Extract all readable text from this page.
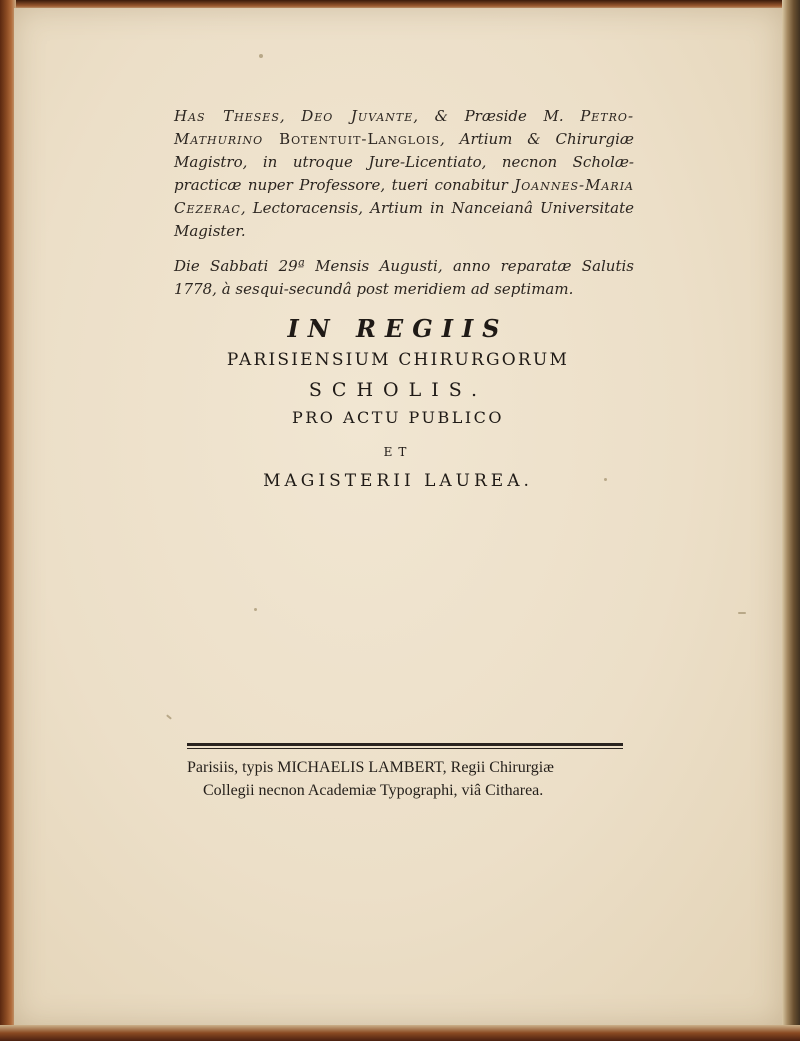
Has Theses, Deo Juvante, & Præside M. Petro-Mathurino Botentuit-Langlois, Artium & Chirurgiæ Magistro, in utroque Jure-Licentiato, necnon Scholæ-practicæ nuper Professore, tueri conabitur Joannes-Maria Cezerac, Lectoracensis, Artium in Nanceianâ Universitate Magister.

Die Sabbati 29ª Mensis Augusti, anno reparatæ Salutis 1778, à sesqui-secundâ post meridiem ad septimam.

IN REGIIS

PARISIENSIUM CHIRURGORUM

SCHOLIS.

PRO ACTU PUBLICO

ET

MAGISTERII LAUREA.

Parisiis, typis MICHAELIS LAMBERT, Regii Chirurgiæ

Collegii necnon Academiæ Typographi, viâ Citharea.
